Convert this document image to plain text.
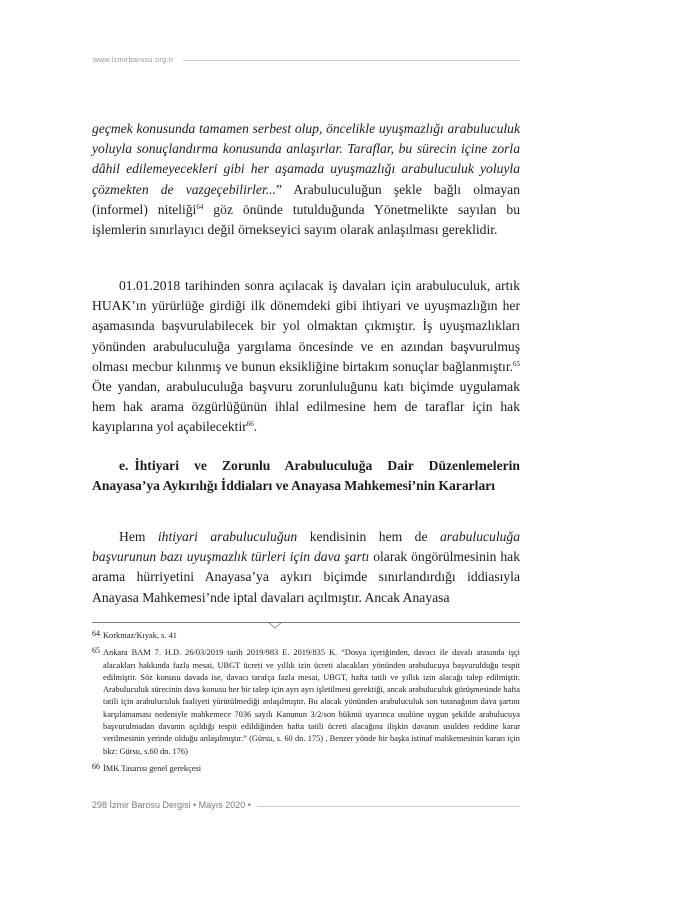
www.izmirbarosu.org.tr
geçmek konusunda tamamen serbest olup, öncelikle uyuşmazlığı arabuluculuk yoluyla sonuçlandırma konusunda anlaşırlar. Taraflar, bu sürecin içine zorla dâhil edilemeyecekleri gibi her aşamada uyuşmazlığı arabuluculuk yoluyla çözmekten de vazgeçebilirler...” Arabuluculuğun şekle bağlı olmayan (informel) niteliği$^{64}$ göz önünde tutulduğunda Yönetmelikte sayılan bu işlemlerin sınırlayıcı değil örnekseyici sayım olarak anlaşılması gereklidir.
01.01.2018 tarihinden sonra açılacak iş davaları için arabuluculuk, artık HUAK’ın yürürlüğe girdiği ilk dönemdeki gibi ihtiyari ve uyuşmazlığın her aşamasında başvurulabilecek bir yol olmaktan çıkmıştır. İş uyuşmazlıkları yönünden arabuluculuğa yargılama öncesinde ve en azından başvurulmuş olması mecbur kılınmış ve bunun eksikliğine birtakım sonuçlar bağlanmıştır.$^{65}$ Öte yandan, arabuluculuğa başvuru zorunluluğunu katı biçimde uygulamak hem hak arama özgürlüğünün ihlal edilmesine hem de taraflar için hak kayıplarına yol açabilecektir$^{66}$.
e. İhtiyari ve Zorunlu Arabuluculuğa Dair Düzenlemelerin Anayasa’ya Aykırılığı İddiaları ve Anayasa Mahkemesi’nin Kararları
Hem ihtiyari arabuluculuğun kendisinin hem de arabuluculuğa başvurunun bazı uyuşmazlık türleri için dava şartı olarak öngörülmesinin hak arama hürriyetini Anayasa’ya aykırı biçimde sınırlandırdığı iddiasıyla Anayasa Mahkemesi’nde iptal davaları açılmıştır. Ancak Anayasa
64 Korkmaz/Kıyak, s. 41
65 Ankara BAM 7. H.D. 26/03/2019 tarih 2019/983 E. 2019/835 K. “Dosya içeriğinden, davacı ile davalı arasında işçi alacakları hakkında fazla mesai, UBGT ücreti ve yıllık izin ücreti alacakları yönünden arabulucuya başvurulduğu tespit edilmiştir. Söz konusu davada ise, davacı tarafça fazla mesai, UBGT, hafta tatili ve yıllık izin alacağı talep edilmiştir. Arabuluculuk sürecinin dava konusu her bir talep için ayrı ayrı işletilmesi gerektiği, ancak arabuluculuk görüşmesinde hafta tatili için arabuluculuk faaliyeti yürütülmediği anlaşılmıştır. Bu alacak yönünden arabuluculuk son tutanağının dava şartını karşılamaması nedeniyle mahkemece 7036 sayılı Kanunun 3/2/son hükmü uyarınca usulüne uygun şekilde arabulucuya başvurulmadan davanın açıldığı tespit edildiğinden hafta tatili ücreti alacağına ilişkin davanın usulden reddine karar verilmesinin yerinde olduğu anlaşılmıştır.” (Gürsu, s. 60 dn. 175) , Benzer yönde bir başka istinaf mahkemesinin kararı için bkz: Gürsu, s.60 dn. 176)
66 İMK Tasarısı genel gerekçesi
298 İzmir Barosu Dergisi • Mayıs 2020 •
